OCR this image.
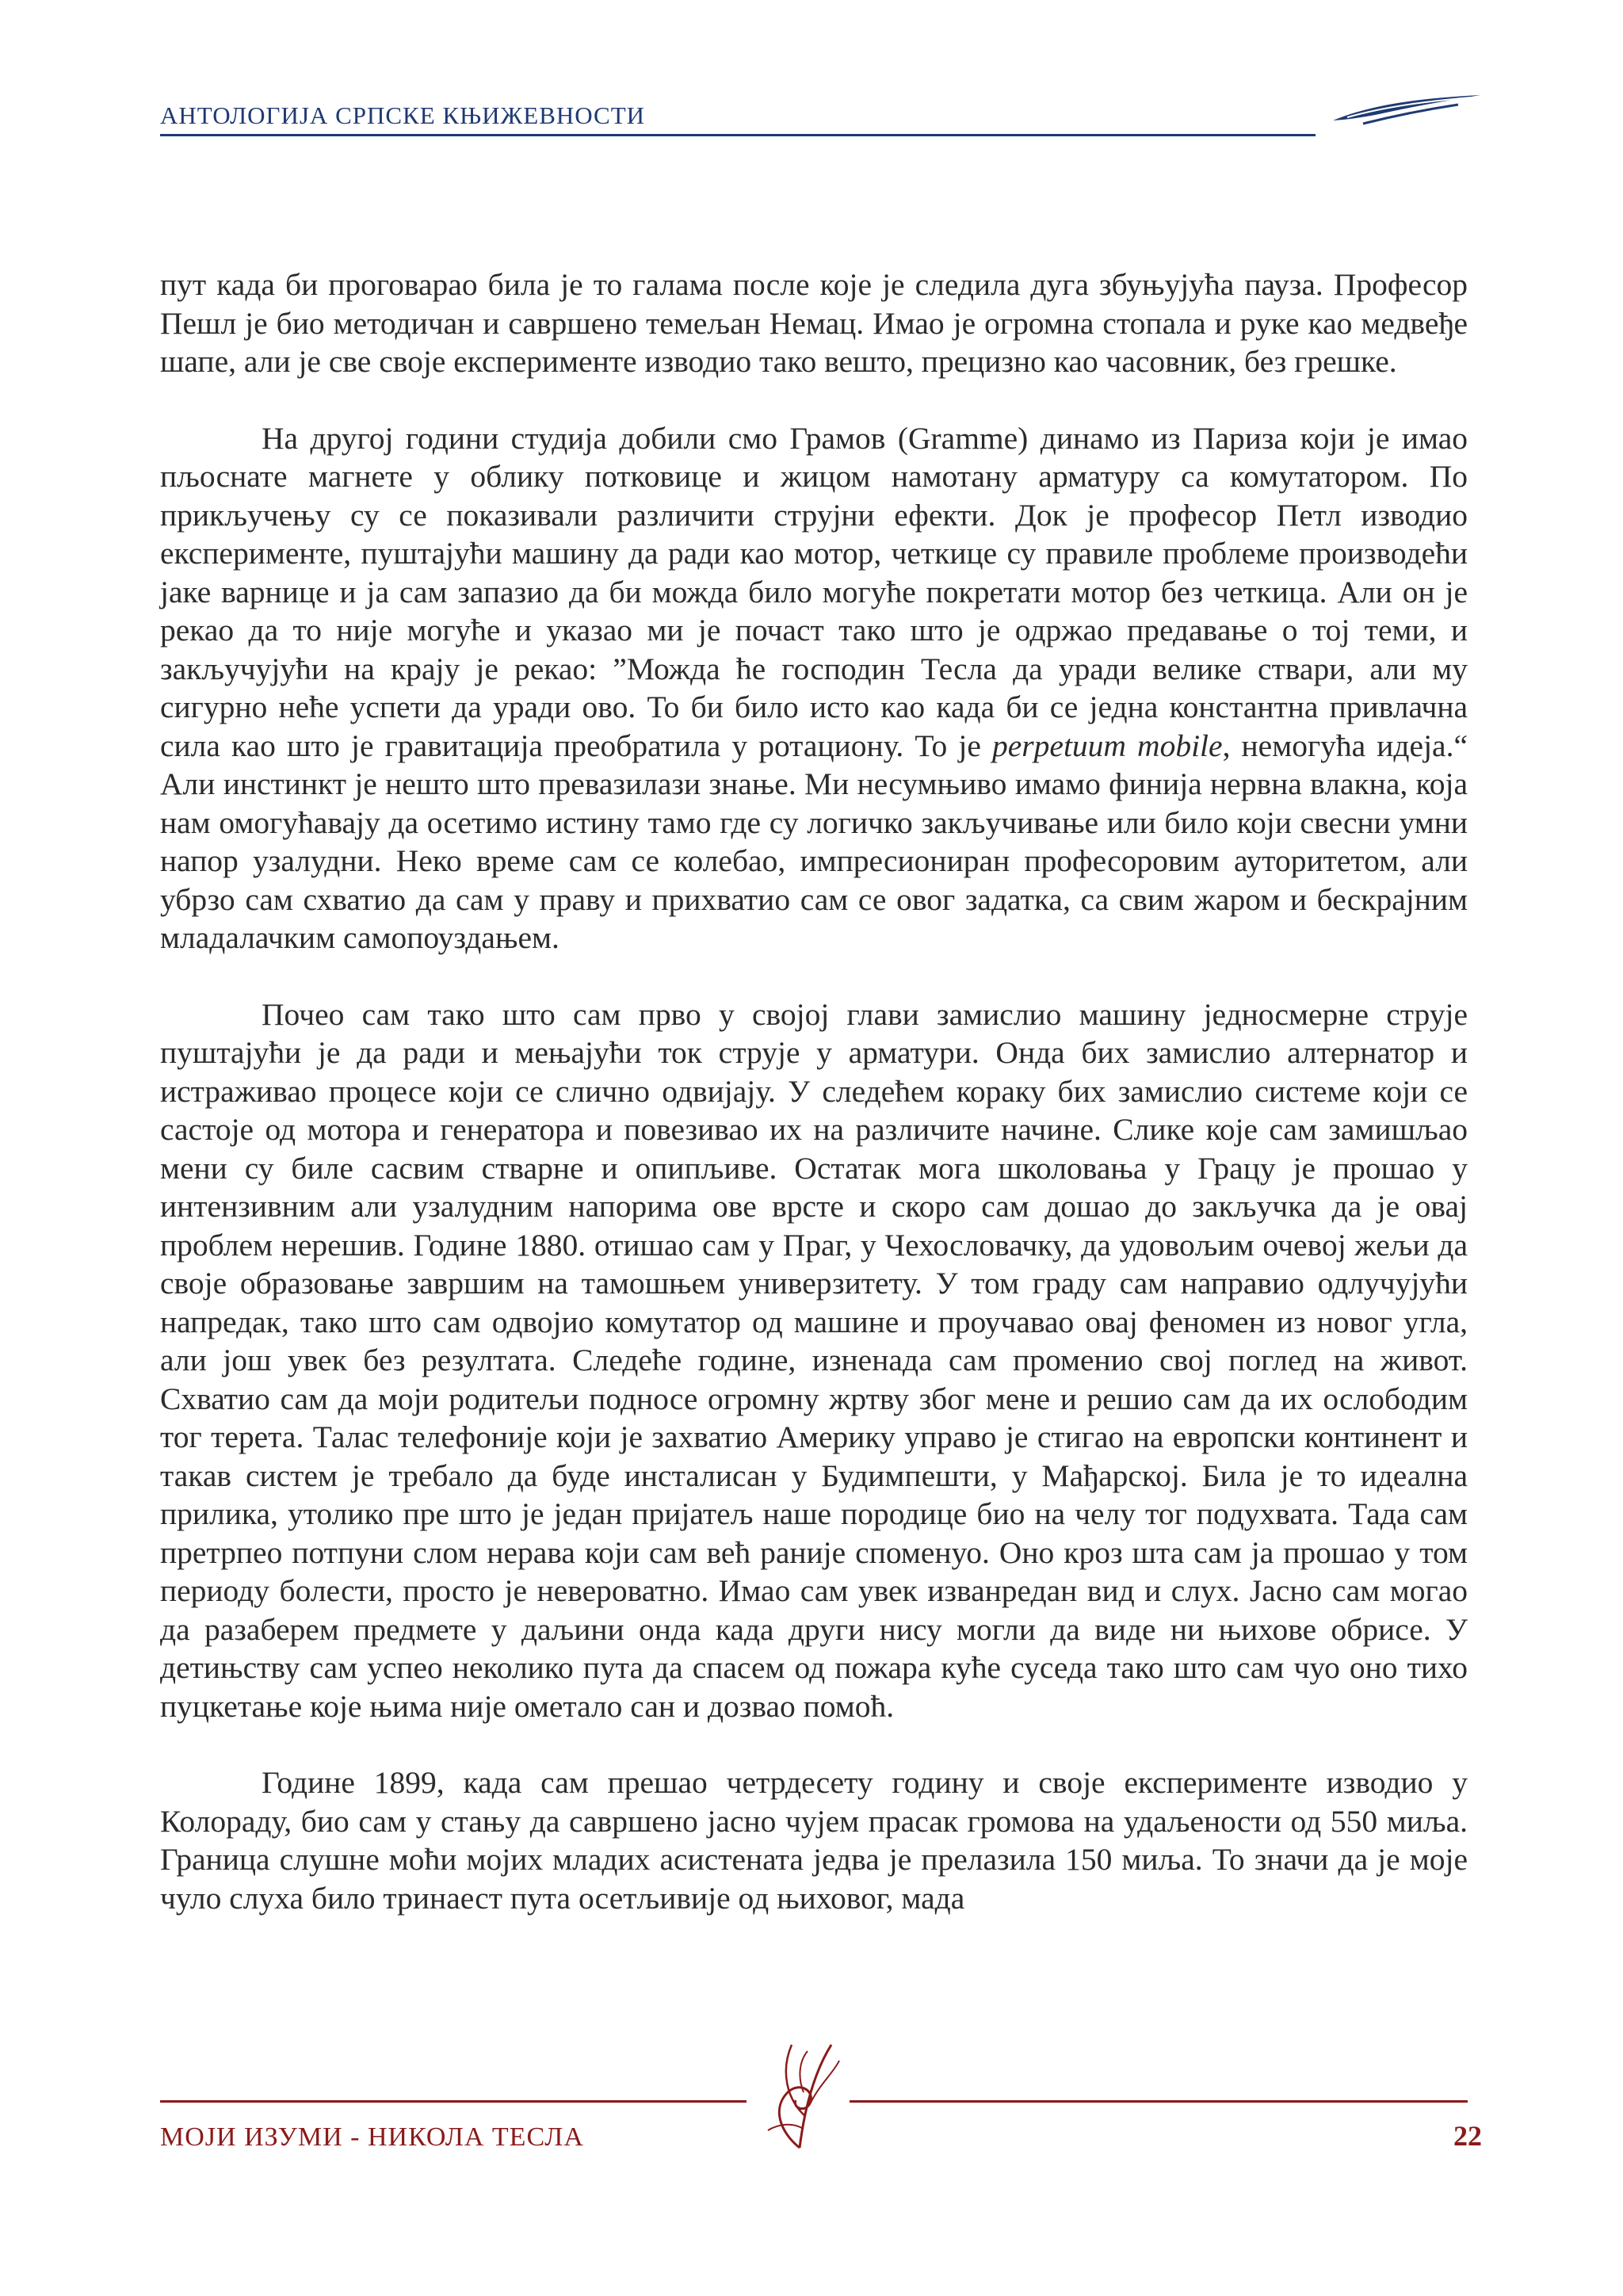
АНТОЛОГИЈА СРПСКЕ КЊИЖЕВНОСТИ

пут када би проговарао била је то галама после које је следила дуга збуњујућа пауза. Професор Пешл је био методичан и савршено темељан Немац. Имао је огромна стопала и руке као медвеђе шапе, али је све своје експерименте изводио тако вешто, прецизно као часовник, без грешке.

На другој години студија добили смо Грамов (Gramme) динамо из Париза који је имао пљоснате магнете у облику потковице и жицом намотану арматуру са комутатором. По прикључењу су се показивали различити струјни ефекти. Док је професор Петл изводио експерименте, пуштајући машину да ради као мотор, четкице су правиле проблеме производећи јаке варнице и ја сам запазио да би можда било могуће покретати мотор без четкица. Али он је рекао да то није могуће и указао ми је почаст тако што је одржао предавање о тој теми, и закључујући на крају је рекао: ”Можда ће господин Тесла да уради велике ствари, али му сигурно неће успети да уради ово. То би било исто као када би се једна константна привлачна сила као што је гравитација преобратила у ротациону. То је perpetuum mobile, немогућа идеја.“ Али инстинкт је нешто што превазилази знање. Ми несумњиво имамо финија нервна влакна, која нам омогућавају да осетимо истину тамо где су логичко закључивање или било који свесни умни напор узалудни. Неко време сам се колебао, импресиониран професоровим ауторитетом, али убрзо сам схватио да сам у праву и прихватио сам се овог задатка, са свим жаром и бескрајним младалачким самопоуздањем.

Почео сам тако што сам прво у својој глави замислио машину једносмерне струје пуштајући је да ради и мењајући ток струје у арматури. Онда бих замислио алтернатор и истраживао процесе који се слично одвијају. У следећем кораку бих замислио системе који се састоје од мотора и генератора и повезивао их на различите начине. Слике које сам замишљао мени су биле сасвим стварне и опипљиве. Остатак мога школовања у Грацу је прошао у интензивним али узалудним напорима ове врсте и скоро сам дошао до закључка да је овај проблем нерешив. Године 1880. отишао сам у Праг, у Чехословачку, да удовољим очевој жељи да своје образовање завршим на тамошњем универзитету. У том граду сам направио одлучујући напредак, тако што сам одвојио комутатор од машине и проучавао овај феномен из новог угла, али још увек без резултата. Следеће године, изненада сам променио свој поглед на живот. Схватио сам да моји родитељи подносе огромну жртву због мене и решио сам да их ослободим тог терета. Талас телефоније који је захватио Америку управо је стигао на европски континент и такав систем је требало да буде инсталисан у Будимпешти, у Мађарској. Била је то идеална прилика, утолико пре што је један пријатељ наше породице био на челу тог подухвата. Тада сам претрпео потпуни слом нерава који сам већ раније споменуо. Оно кроз шта сам ја прошао у том периоду болести, просто је невероватно. Имао сам увек изванредан вид и слух. Јасно сам могао да разаберем предмете у даљини онда када други нису могли да виде ни њихове обрисе. У детињству сам успео неколико пута да спасем од пожара куће суседа тако што сам чуо оно тихо пуцкетање које њима није ометало сан и дозвао помоћ.

Године 1899, када сам прешао четрдесету годину и своје експерименте изводио у Колораду, био сам у стању да савршено јасно чујем прасак громова на удаљености од 550 миља. Граница слушне моћи мојих младих асистената једва је прелазила 150 миља. То значи да је моје чуло слуха било тринаест пута осетљивије од њиховог, мада

МОЈИ ИЗУМИ - НИКОЛА ТЕСЛА	22
